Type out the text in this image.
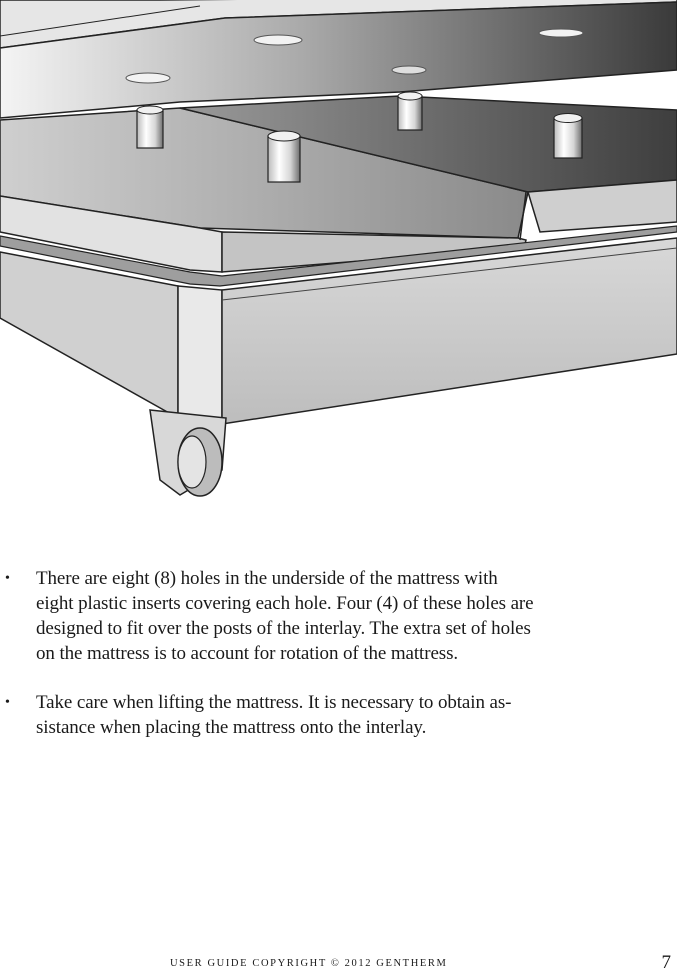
• There are eight (8) holes in the underside of the mattress with
eight plastic inserts covering each hole. Four (4) of these holes are
designed to fit over the posts of the interlay. The extra set of holes
on the mattress is to account for rotation of the mattress.
• Take care when lifting the mattress. It is necessary to obtain as-
sistance when placing the mattress onto the interlay.
USER GUIDE COPYRIGHT © 2012 GENTHERM	7
